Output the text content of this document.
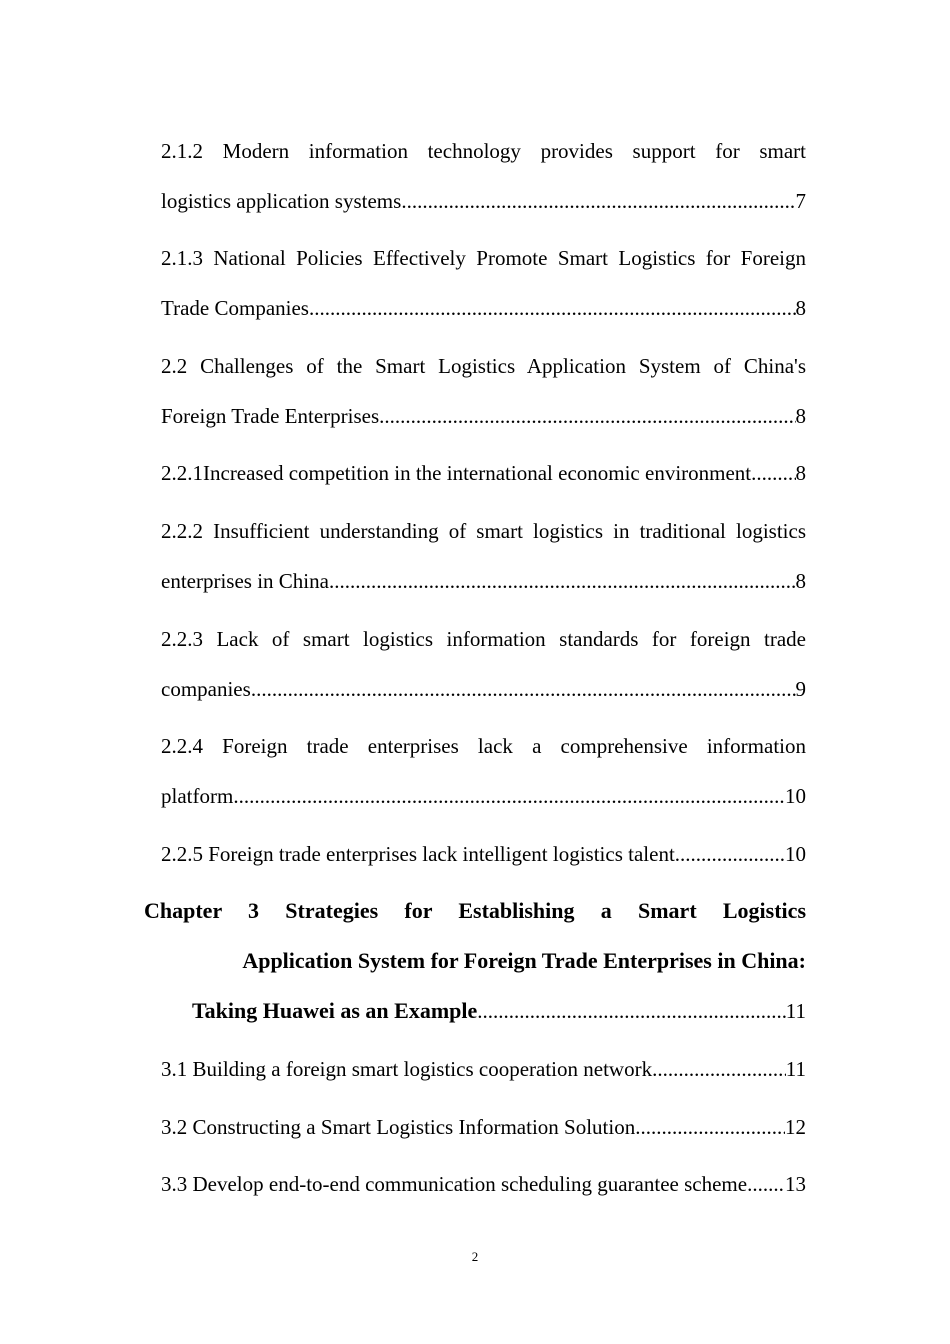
2.1.2 Modern information technology provides support for smart
logistics application systems .....	7
2.1.3 National Policies Effectively Promote Smart Logistics for Foreign
Trade Companies .....	8
2.2 Challenges of the Smart Logistics Application System of China's
Foreign Trade Enterprises .....	8
2.2.1Increased competition in the international economic environment ..... 8
2.2.2 Insufficient understanding of smart logistics in traditional logistics
enterprises in China .....	8
2.2.3 Lack of smart logistics information standards for foreign trade
companies .....	9
2.2.4 Foreign trade enterprises lack a comprehensive information
platform .....	10
2.2.5 Foreign trade enterprises lack intelligent logistics talent .....	10
Chapter 3 Strategies for Establishing a Smart Logistics
Application System for Foreign Trade Enterprises in China:
Taking Huawei as an Example .....	11
3.1 Building a foreign smart logistics cooperation network .....	11
3.2 Constructing a Smart Logistics Information Solution .....	12
3.3 Develop end-to-end communication scheduling guarantee scheme ..... 13
2
